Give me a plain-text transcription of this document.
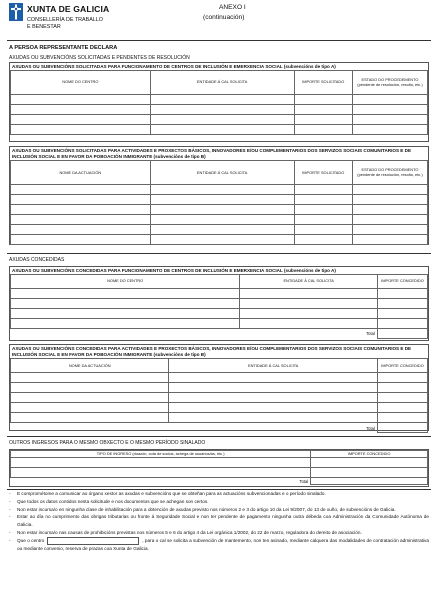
XUNTA DE GALICIA
CONSELLERÍA DE TRABALLO
E BENESTAR
ANEXO I
(continuación)
A PERSOA REPRESENTANTE DECLARA
AXUDAS OU SUBVENCIÓNS SOLICITADAS E PENDENTES DE RESOLUCIÓN
AXUDAS OU SUBVENCIÓNS SOLICITADAS PARA FUNCIONAMENTO DE CENTROS DE INCLUSIÓN E EMERXENCIA SOCIAL (subvencións de tipo A)
NOME DO CENTRO	ENTIDADE Á CAL SOLICITA	IMPORTE SOLICITADO	ESTADO DO PROCEDEMENTO (pendente de resolución, resolto, etc.)

AXUDAS OU SUBVENCIÓNS SOLICITADAS PARA ACTIVIDADES E PROXECTOS BÁSICOS, INNOVADORES E/OU COMPLEMENTARIOS DOS SERVIZOS SOCIAIS COMUNITARIOS E DE INCLUSIÓN SOCIAL E EN FAVOR DA POBOACIÓN INMIGRANTE (subvencións de tipo B)
NOME DA ACTUACIÓN	ENTIDADE Á CAL SOLICITA	IMPORTE SOLICITADO	ESTADO DO PROCEDEMENTO (pendente de resolución, resolto, etc.)

AXUDAS CONCEDIDAS
AXUDAS OU SUBVENCIÓNS CONCEDIDAS PARA FUNCIONAMENTO DE CENTROS DE INCLUSIÓN E EMERXENCIA SOCIAL (subvencións de tipo A)
NOME DO CENTRO	ENTIDADE Á CAL SOLICITA	IMPORTE CONCEDIDO

	Total	
AXUDAS OU SUBVENCIÓNS CONCEDIDAS PARA ACTIVIDADES E PROXECTOS BÁSICOS, INNOVADORES E/OU COMPLEMENTARIOS DOS SERVIZOS SOCIAIS COMUNITARIOS E DE INCLUSIÓN SOCIAL E EN FAVOR DA POBOACIÓN INMIGRANTE (subvencións de tipo B)
NOME DA ACTUACIÓN	ENTIDADE Á CAL SOLICITA	IMPORTE CONCEDIDO

	Total	
OUTROS INGRESOS PARA O MESMO OBXECTO E O MESMO PERÍODO SINALADO
TIPO DE INGRESO (doazón, cota de socios, achega de usuarios/as, etc.)	IMPORTE CONCEDIDO

Total	
- E comprométome a comunicar ao órgano xestor as axudas e subvencións que se obteñan para as actuacións subvencionadas e o período sinalado.
- Que todos os datos contidos nesta solicitude e nos documentos que se achegan son certos.
- Non estar incursa/o en ningunha clase de inhabilitación para a obtención de axudas previsto nos números 2 e 3 do artigo 10 da Lei 9/2007, do 13 de xuño, de subvencións de Galicia.
- Estar ao día no cumprimento das obrigas tributarias ou fronte á Seguridade Social e non ter pendente de pagamento ningunha outra débeda coa Administración da Comunidade Autónoma de Galicia.
- Non estar incursa/o nas causas de prohibicións previstas nos números 5 e 6 do artigo 4 da Lei orgánica 1/2002, do 22 de marzo, reguladora do dereito de asociación.
- Que o centro	, para o cal se solicita a subvención de mantemento, non ten asinado, mediante calquera das modalidades de contratación administrativa ou mediante convenio, reserva de prazas coa Xunta de Galicia.
